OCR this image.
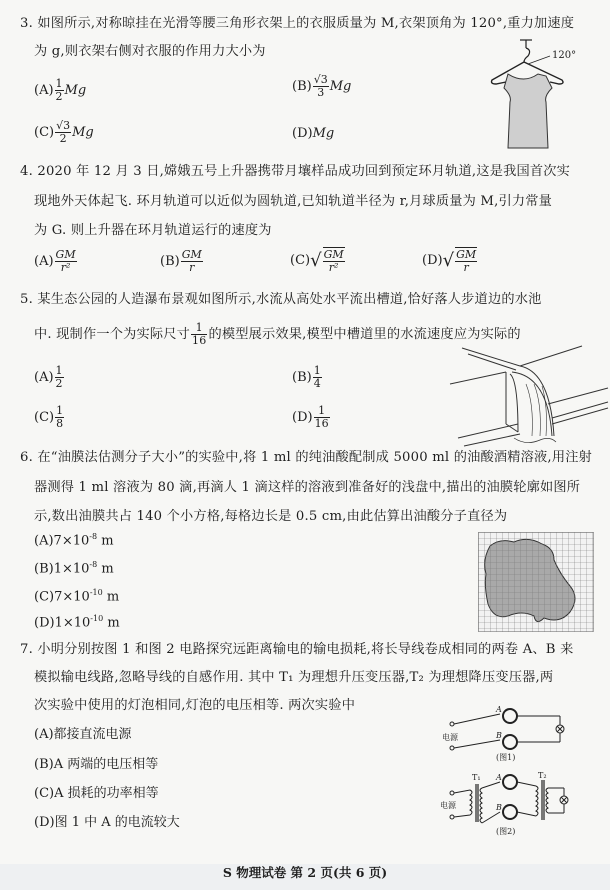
3. 如图所示,对称晾挂在光滑等腰三角形衣架上的衣服质量为 M,衣架顶角为 120°,重力加速度
为 g,则衣架右侧对衣服的作用力大小为
$(A) \frac{1}{2}$ Mg	$(B) \frac{√3}{3}$ Mg
$(C) \frac{√3}{2}$ Mg	(D)Mg
120°
4. 2020 年 12 月 3 日,嫦娥五号上升器携带月壤样品成功回到预定环月轨道,这是我国首次实
现地外天体起飞. 环月轨道可以近似为圆轨道,已知轨道半径为 r,月球质量为 M,引力常量
为 G. 则上升器在环月轨道运行的速度为
$(A) \frac{GM}{\text{r²}}$	$(B) \frac{GM}{r}$	$(C)√ \frac{GM}{\text{r²}}$	$(D)√ \frac{GM}{r}$
5. 某生态公园的人造瀑布景观如图所示,水流从高处水平流出槽道,恰好落人步道边的水池
中. 现制作一个为实际尺寸 $\frac{1}{16}$ 的模型展示效果,模型中槽道里的水流速度应为实际的
$(A) \frac{1}{2}$	$(B) \frac{1}{4}$
$(C) \frac{1}{8}$	$(D) \frac{1}{16}$
6. 在“油膜法估测分子大小”的实验中,将 1 ml 的纯油酸配制成 5000 ml 的油酸酒精溶液,用注射
器测得 1 ml 溶液为 80 滴,再滴人 1 滴这样的溶液到准备好的浅盘中,描出的油膜轮廓如图所
示,数出油膜共占 140 个小方格,每格边长是 0.5 cm,由此估算出油酸分子直径为
$(A)7\times 10^{-8}$ m
$(B)1\times 10^{-8}$ m
$(C)7\times 10^{-10}$ m
$(D)1\times 10^{-10}$ m
7. 小明分别按图 1 和图 2 电路探究远距离输电的输电损耗,将长导线卷成相同的两卷 A、B 来
模拟输电线路,忽略导线的自感作用. 其中 T₁ 为理想升压变压器,T₂ 为理想降压变压器,两
次实验中使用的灯泡相同,灯泡的电压相等. 两次实验中
(A)都接直流电源
(B)A 两端的电压相等
(C)A 损耗的功率相等
(D)图 1 中 A 的电流较大
电源
A
B
(图1)
T₁ A
B
T₂
电源
(图2)
S 物理试卷 第 2 页(共 6 页)
